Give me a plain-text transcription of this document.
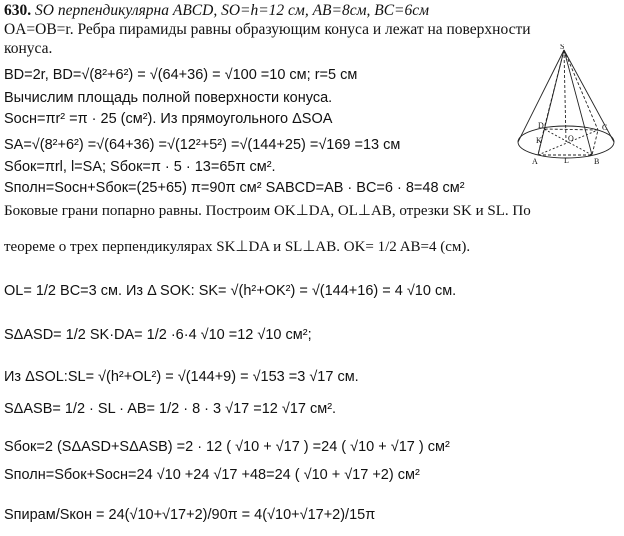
630. SO перпендикулярна ABCD, SO=h=12 см, AB=8см, BC=6см
OA=OB=r. Ребра пирамиды равны образующим конуса и лежат на поверхности
конуса.
BD=2r, BD=√(8²+6²) = √(64+36) = √100 =10 см; r=5 см
Вычислим площадь полной поверхности конуса.
Sосн=πr² =π · 25 (см²). Из прямоугольного ΔSOA
SA=√(8²+6²) =√(64+36) =√(12²+5²) =√(144+25) =√169 =13 см
Sбок=πrl, l=SA; Sбок=π · 5 · 13=65π см².
Sполн=Sосн+Sбок=(25+65) π=90π см² SABCD=AB · BC=6 · 8=48 см²
Боковые грани попарно равны. Построим OK⊥DA, OL⊥AB, отрезки SK и SL. По
теореме о трех перпендикулярах SK⊥DA и SL⊥AB. OK= 1/2 AB=4 (см).
OL= 1/2 BC=3 см. Из Δ SOK: SK= √(h²+OK²) = √(144+16) = 4 √10 см.
SΔASD= 1/2 SK·DA= 1/2 ·6·4 √10 =12 √10 см²;
Из ΔSOL:SL= √(h²+OL²) = √(144+9) = √153 =3 √17 см.
SΔASB= 1/2 · SL · AB= 1/2 · 8 · 3 √17 =12 √17 см².
Sбок=2 (SΔASD+SΔASB) =2 · 12 ( √10 + √17 ) =24 ( √10 + √17 ) см²
Sполн=Sбок+Sосн=24 √10 +24 √17 +48=24 ( √10 + √17 +2) см²
Sпирам/Sкон = 24(√10+√17+2)/90π = 4(√10+√17+2)/15π
S
A	B
C
D
O
K
L
